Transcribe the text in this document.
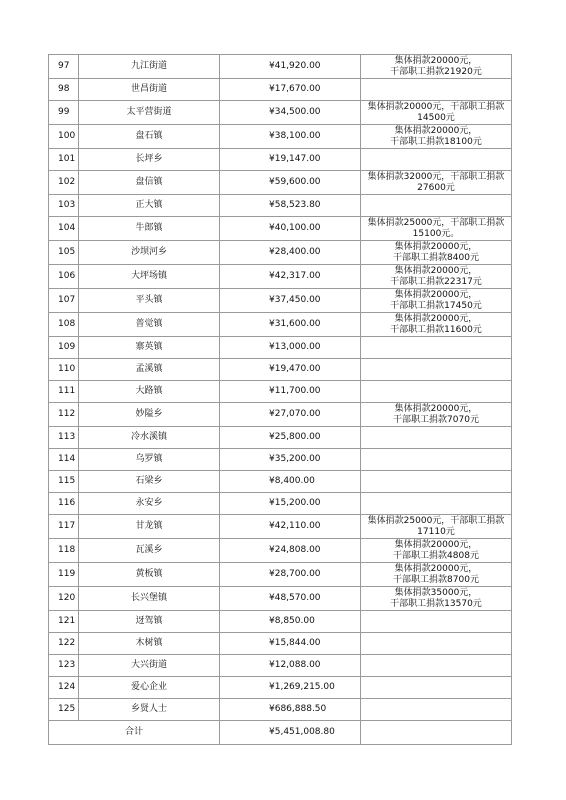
97	九江街道	¥41,920.00	集体捐款20000元，
干部职工捐款21920元
98	世昌街道	¥17,670.00	
99	太平营街道	¥34,500.00	集体捐款20000元，干部职工捐款
14500元
100	盘石镇	¥38,100.00	集体捐款20000元，
干部职工捐款18100元
101	长坪乡	¥19,147.00	
102	盘信镇	¥59,600.00	集体捐款32000元，干部职工捐款
27600元
103	正大镇	¥58,523.80	
104	牛郎镇	¥40,100.00	集体捐款25000元，干部职工捐款
15100元。
105	沙坝河乡	¥28,400.00	集体捐款20000元，
干部职工捐款8400元
106	大坪场镇	¥42,317.00	集体捐款20000元，
干部职工捐款22317元
107	平头镇	¥37,450.00	集体捐款20000元，
干部职工捐款17450元
108	普觉镇	¥31,600.00	集体捐款20000元，
干部职工捐款11600元
109	寨英镇	¥13,000.00	
110	孟溪镇	¥19,470.00	
111	大路镇	¥11,700.00	
112	妙隘乡	¥27,070.00	集体捐款20000元，
干部职工捐款7070元
113	冷水溪镇	¥25,800.00	
114	乌罗镇	¥35,200.00	
115	石梁乡	¥8,400.00	
116	永安乡	¥15,200.00	
117	甘龙镇	¥42,110.00	集体捐款25000元，干部职工捐款
17110元
118	瓦溪乡	¥24,808.00	集体捐款20000元，
干部职工捐款4808元
119	黄板镇	¥28,700.00	集体捐款20000元，
干部职工捐款8700元
120	长兴堡镇	¥48,570.00	集体捐款35000元，
干部职工捐款13570元
121	迓驾镇	¥8,850.00	
122	木树镇	¥15,844.00	
123	大兴街道	¥12,088.00	
124	爱心企业	¥1,269,215.00	
125	乡贤人士	¥686,888.50	
合计		¥5,451,008.80	
